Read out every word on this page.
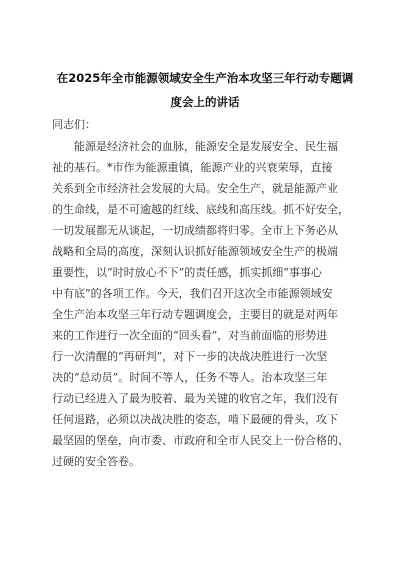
在2025年全市能源领域安全生产治本攻坚三年行动专题调
度会上的讲话

同志们：

能源是经济社会的血脉，能源安全是发展安全、民生福
祉的基石。*市作为能源重镇，能源产业的兴衰荣辱，直接
关系到全市经济社会发展的大局。安全生产，就是能源产业
的生命线，是不可逾越的红线、底线和高压线。抓不好安全，
一切发展都无从谈起，一切成绩都将归零。全市上下务必从
战略和全局的高度，深刻认识抓好能源领域安全生产的极端
重要性，以“时时放心不下”的责任感，抓实抓细“事事心
中有底”的各项工作。今天，我们召开这次全市能源领域安
全生产治本攻坚三年行动专题调度会，主要目的就是对两年
来的工作进行一次全面的“回头看”，对当前面临的形势进
行一次清醒的“再研判”，对下一步的决战决胜进行一次坚
决的“总动员”。时间不等人，任务不等人。治本攻坚三年
行动已经进入了最为胶着、最为关键的收官之年，我们没有
任何退路，必须以决战决胜的姿态，啃下最硬的骨头，攻下
最坚固的堡垒，向市委、市政府和全市人民交上一份合格的、
过硬的安全答卷。
